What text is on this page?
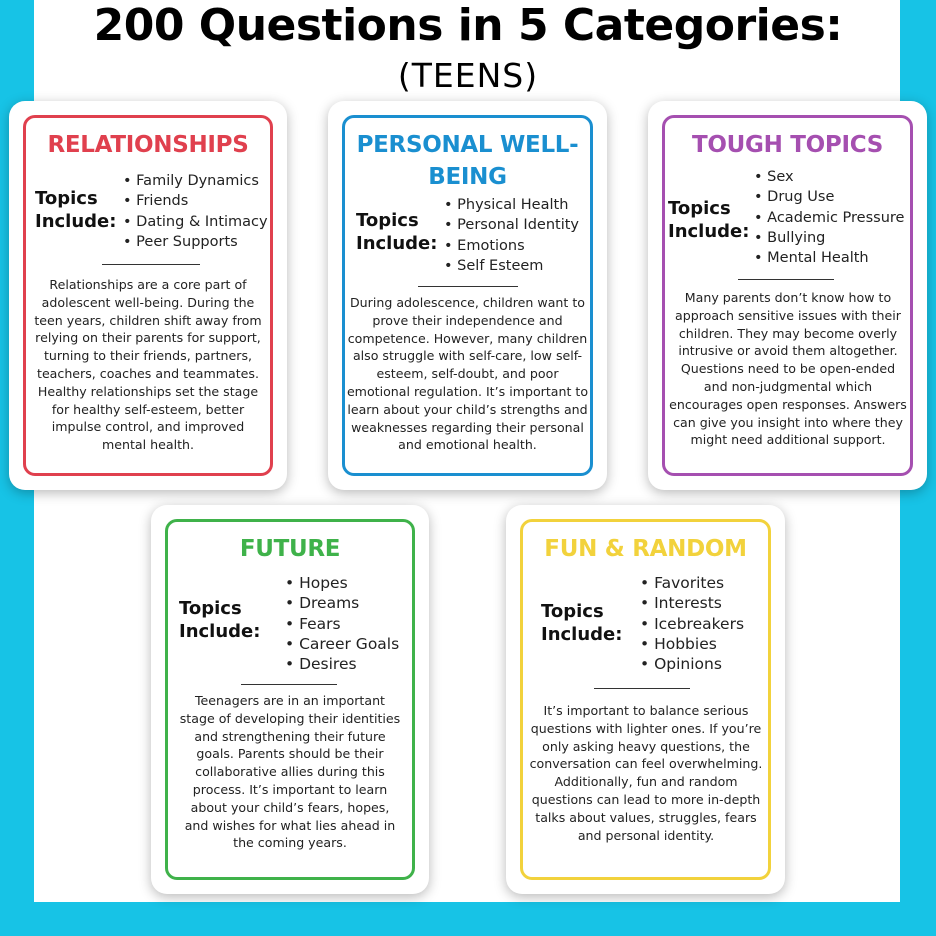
200 Questions in 5 Categories:
(TEENS)
RELATIONSHIPS
Topics Include:
• Family Dynamics
• Friends
• Dating & Intimacy
• Peer Supports
Relationships are a core part of adolescent well-being. During the teen years, children shift away from relying on their parents for support, turning to their friends, partners, teachers, coaches and teammates. Healthy relationships set the stage for healthy self-esteem, better impulse control, and improved mental health.
PERSONAL WELL-BEING
Topics Include:
• Physical Health
• Personal Identity
• Emotions
• Self Esteem
During adolescence, children want to prove their independence and competence. However, many children also struggle with self-care, low self-esteem, self-doubt, and poor emotional regulation. It’s important to learn about your child’s strengths and weaknesses regarding their personal and emotional health.
TOUGH TOPICS
Topics Include:
• Sex
• Drug Use
• Academic Pressure
• Bullying
• Mental Health
Many parents don’t know how to approach sensitive issues with their children. They may become overly intrusive or avoid them altogether. Questions need to be open-ended and non-judgmental which encourages open responses. Answers can give you insight into where they might need additional support.
FUTURE
Topics Include:
• Hopes
• Dreams
• Fears
• Career Goals
• Desires
Teenagers are in an important stage of developing their identities and strengthening their future goals. Parents should be their collaborative allies during this process. It’s important to learn about your child’s fears, hopes, and wishes for what lies ahead in the coming years.
FUN & RANDOM
Topics Include:
• Favorites
• Interests
• Icebreakers
• Hobbies
• Opinions
It’s important to balance serious questions with lighter ones. If you’re only asking heavy questions, the conversation can feel overwhelming. Additionally, fun and random questions can lead to more in-depth talks about values, struggles, fears and personal identity.
